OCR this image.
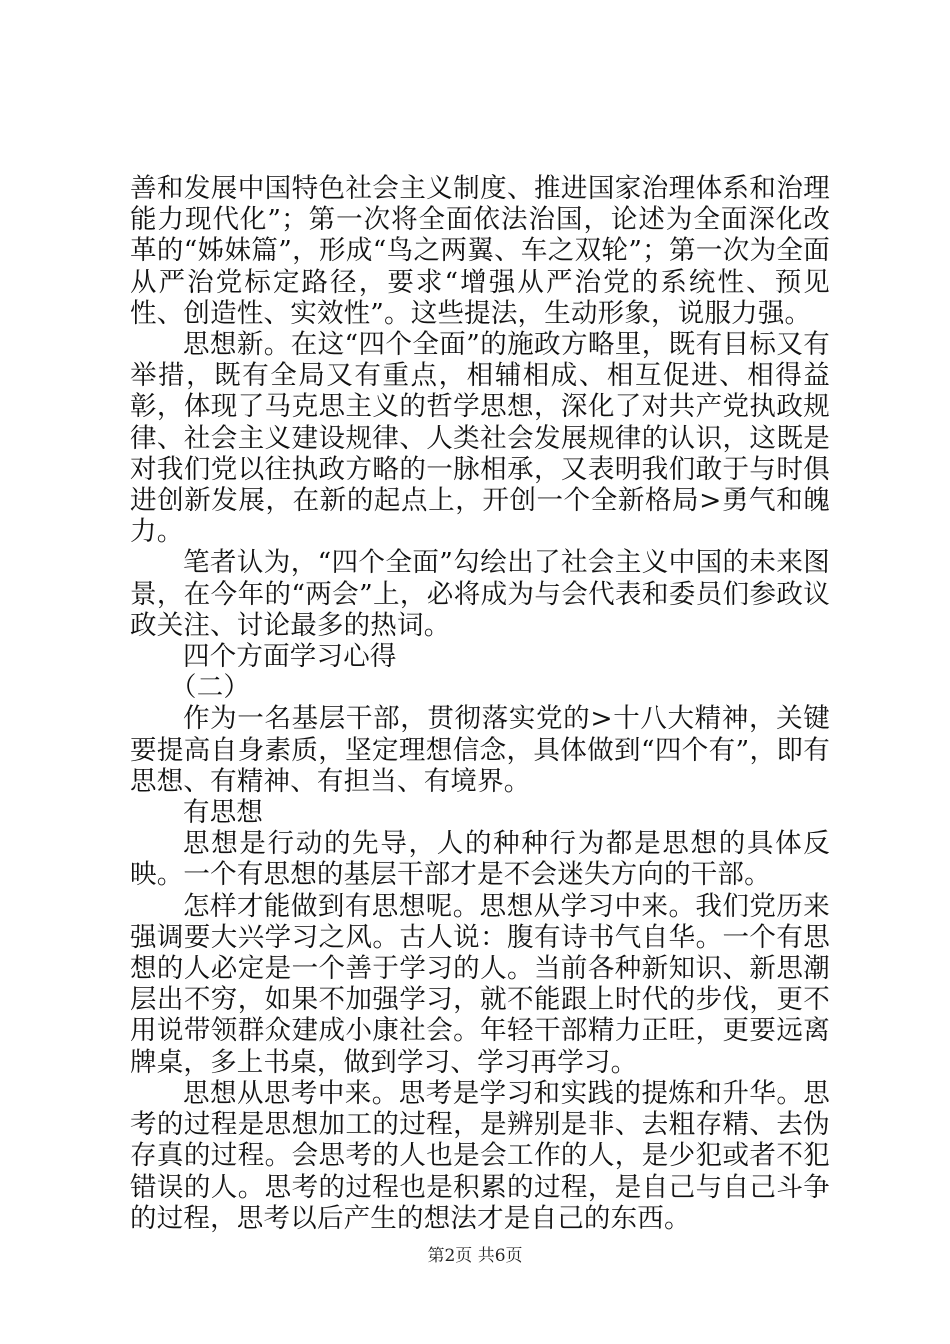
善和发展中国特色社会主义制度、推进国家治理体系和治理能力现代化”；第一次将全面依法治国，论述为全面深化改革的“姊妹篇”，形成“鸟之两翼、车之双轮”；第一次为全面从严治党标定路径，要求“增强从严治党的系统性、预见性、创造性、实效性”。这些提法，生动形象，说服力强。

思想新。在这“四个全面”的施政方略里，既有目标又有举措，既有全局又有重点，相辅相成、相互促进、相得益彰，体现了马克思主义的哲学思想，深化了对共产党执政规律、社会主义建设规律、人类社会发展规律的认识，这既是对我们党以往执政方略的一脉相承，又表明我们敢于与时俱进创新发展，在新的起点上，开创一个全新格局>勇气和魄力。

笔者认为，“四个全面”勾绘出了社会主义中国的未来图景，在今年的“两会”上，必将成为与会代表和委员们参政议政关注、讨论最多的热词。

四个方面学习心得

（二）

作为一名基层干部，贯彻落实党的>十八大精神，关键要提高自身素质，坚定理想信念，具体做到“四个有”，即有思想、有精神、有担当、有境界。

有思想

思想是行动的先导，人的种种行为都是思想的具体反映。一个有思想的基层干部才是不会迷失方向的干部。

怎样才能做到有思想呢。思想从学习中来。我们党历来强调要大兴学习之风。古人说：腹有诗书气自华。一个有思想的人必定是一个善于学习的人。当前各种新知识、新思潮层出不穷，如果不加强学习，就不能跟上时代的步伐，更不用说带领群众建成小康社会。年轻干部精力正旺，更要远离牌桌，多上书桌，做到学习、学习再学习。

思想从思考中来。思考是学习和实践的提炼和升华。思考的过程是思想加工的过程，是辨别是非、去粗存精、去伪存真的过程。会思考的人也是会工作的人，是少犯或者不犯错误的人。思考的过程也是积累的过程，是自己与自己斗争的过程，思考以后产生的想法才是自己的东西。

第2页 共6页
